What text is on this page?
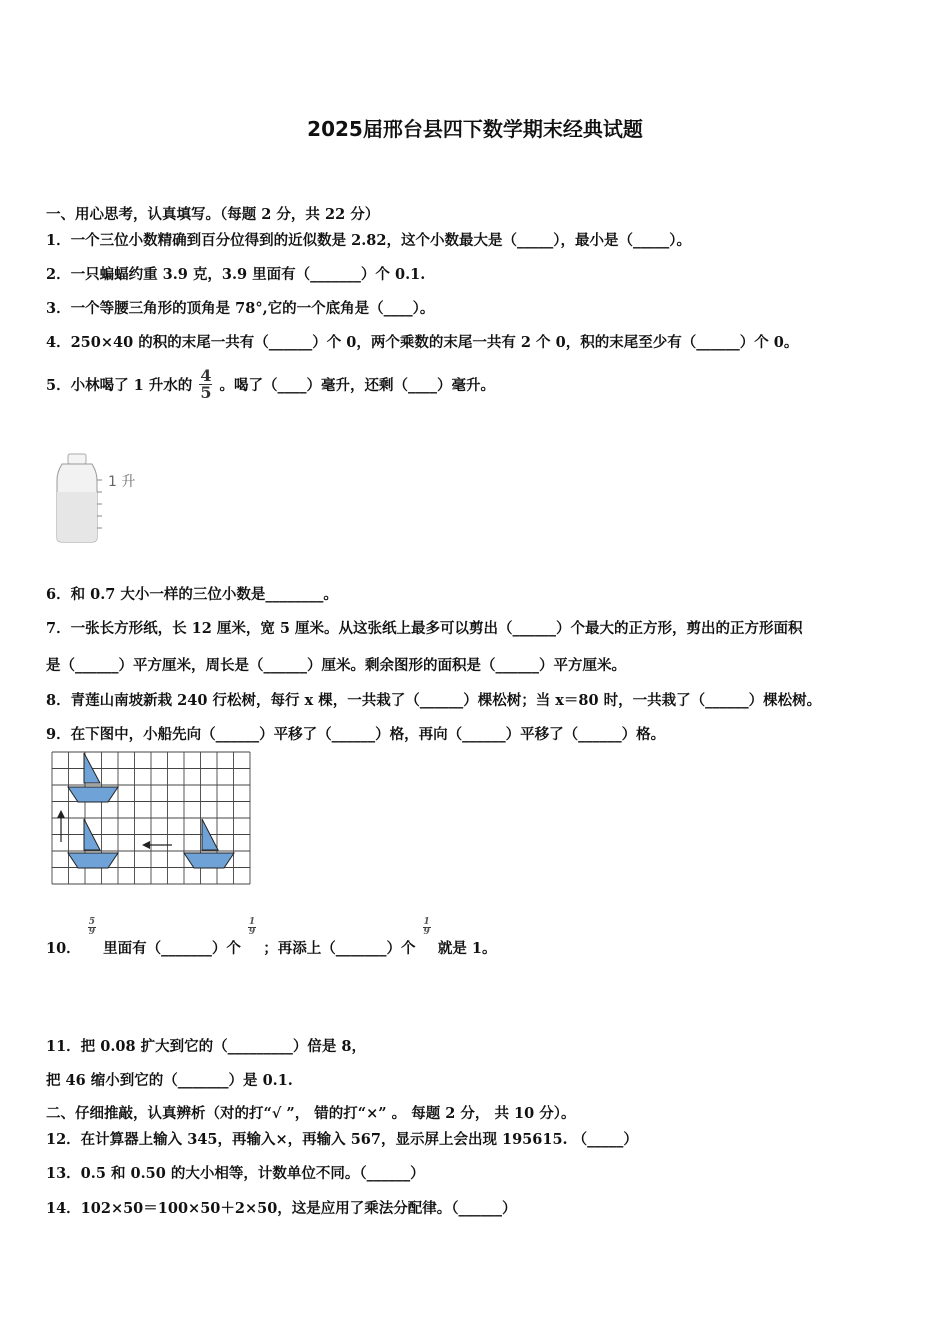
2025届邢台县四下数学期末经典试题
一、用心思考，认真填写。（每题 2 分，共 22 分）
1．一个三位小数精确到百分位得到的近似数是 2.82，这个小数最大是（_____），最小是（_____）。
2．一只蝙蝠约重 3.9 克，3.9 里面有（_______）个 0.1.
3．一个等腰三角形的顶角是 78°,它的一个底角是（____）。
4．250×40 的积的末尾一共有（______）个 0，两个乘数的末尾一共有 2 个 0，积的末尾至少有（______）个 0。
5．小林喝了 1 升水的 $\frac{4}{5}$ 。喝了（____）毫升，还剩（____）毫升。
1 升
6．和 0.7 大小一样的三位小数是________。
7．一张长方形纸，长 12 厘米，宽 5 厘米。从这张纸上最多可以剪出（______）个最大的正方形，剪出的正方形面积
是（______）平方厘米，周长是（______）厘米。剩余图形的面积是（______）平方厘米。
8．青莲山南坡新栽 240 行松树，每行 x 棵，一共栽了（______）棵松树；当 x＝80 时，一共栽了（______）棵松树。
9．在下图中，小船先向（______）平移了（______）格，再向（______）平移了（______）格。
10．
$\frac{5}{9}$
里面有（_______）个
$\frac{1}{9}$
；再添上（_______）个
$\frac{1}{9}$
就是 1。
11．把 0.08 扩大到它的（_________）倍是 8，
把 46 缩小到它的（_______）是 0.1.
二、仔细推敲，认真辨析（对的打“√ ”， 错的打“×” 。 每题 2 分， 共 10 分）。
12．在计算器上输入 345，再输入×，再输入 567，显示屏上会出现 195615. （_____）
13．0.5 和 0.50 的大小相等，计数单位不同。（______）
14．102×50＝100×50＋2×50，这是应用了乘法分配律。（______）
